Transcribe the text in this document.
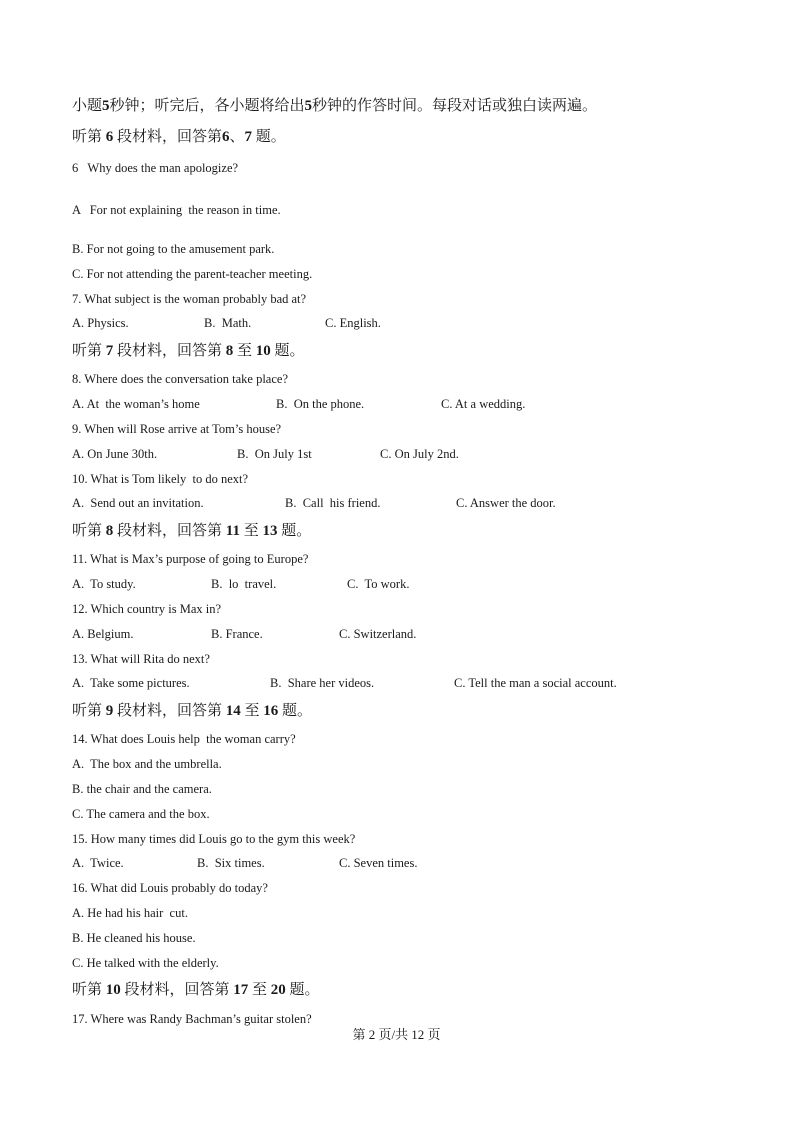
小题5秒钟；听完后，各小题将给出5秒钟的作答时间。每段对话或独白读两遍。
听第 6 段材料，回答第6、7 题。
6   Why does the man apologize?
A   For not explaining  the reason in time.
B. For not going to the amusement park.
C. For not attending the parent-teacher meeting.
7. What subject is the woman probably bad at?
A. Physics.	B.  Math.	C. English.
听第 7 段材料，回答第 8 至 10 题。
8. Where does the conversation take place?
A. At  the woman’s home	B.  On the phone.	C. At a wedding.
9. When will Rose arrive at Tom’s house?
A. On June 30th.	B.  On July 1st	C. On July 2nd.
10. What is Tom likely  to do next?
A.  Send out an invitation.	B.  Call  his friend.	C. Answer the door.
听第 8 段材料，回答第 11 至 13 题。
11. What is Max’s purpose of going to Europe?
A.  To study.	B.  lo  travel.	C.  To work.
12. Which country is Max in?
A. Belgium.	B. France.	C. Switzerland.
13. What will Rita do next?
A.  Take some pictures.	B.  Share her videos.	C. Tell the man a social account.
听第 9 段材料，回答第 14 至 16 题。
14. What does Louis help  the woman carry?
A.  The box and the umbrella.
B. the chair and the camera.
C. The camera and the box.
15. How many times did Louis go to the gym this week?
A.  Twice.	B.  Six times.	C. Seven times.
16. What did Louis probably do today?
A. He had his hair  cut.
B. He cleaned his house.
C. He talked with the elderly.
听第 10 段材料，回答第 17 至 20 题。
17. Where was Randy Bachman’s guitar stolen?
第 2 页/共 12 页
